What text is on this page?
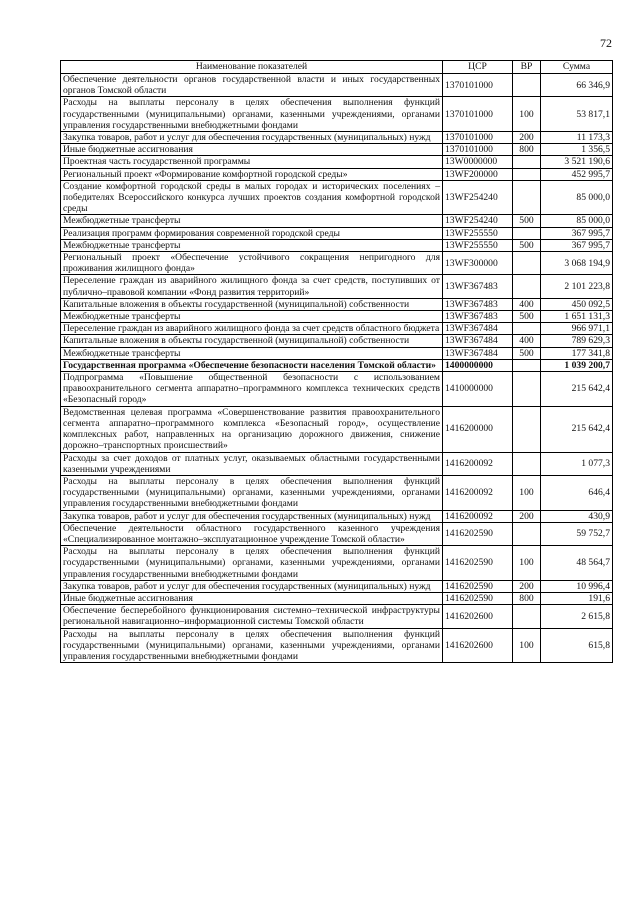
72
Наименование показателей	ЦСР	ВР	Сумма
Обеспечение деятельности органов государственной власти и иных государственных органов Томской области	1370101000		66 346,9
Расходы на выплаты персоналу в целях обеспечения выполнения функций государственными (муниципальными) органами, казенными учреждениями, органами управления государственными внебюджетными фондами	1370101000	100	53 817,1
Закупка товаров, работ и услуг для обеспечения государственных (муниципальных) нужд	1370101000	200	11 173,3
Иные бюджетные ассигнования	1370101000	800	1 356,5
Проектная часть государственной программы	13W0000000		3 521 190,6
Региональный проект «Формирование комфортной городской среды»	13WF200000		452 995,7
Создание комфортной городской среды в малых городах и исторических поселениях – победителях Всероссийского конкурса лучших проектов создания комфортной городской среды	13WF254240		85 000,0
Межбюджетные трансферты	13WF254240	500	85 000,0
Реализация программ формирования современной городской среды	13WF255550		367 995,7
Межбюджетные трансферты	13WF255550	500	367 995,7
Региональный проект «Обеспечение устойчивого сокращения непригодного для проживания жилищного фонда»	13WF300000		3 068 194,9
Переселение граждан из аварийного жилищного фонда за счет средств, поступивших от публично–правовой компании «Фонд развития территорий»	13WF367483		2 101 223,8
Капитальные вложения в объекты государственной (муниципальной) собственности	13WF367483	400	450 092,5
Межбюджетные трансферты	13WF367483	500	1 651 131,3
Переселение граждан из аварийного жилищного фонда за счет средств областного бюджета	13WF367484		966 971,1
Капитальные вложения в объекты государственной (муниципальной) собственности	13WF367484	400	789 629,3
Межбюджетные трансферты	13WF367484	500	177 341,8
Государственная программа «Обеспечение безопасности населения Томской области»	1400000000		1 039 200,7
Подпрограмма «Повышение общественной безопасности с использованием правоохранительного сегмента аппаратно–программного комплекса технических средств «Безопасный город»	1410000000		215 642,4
Ведомственная целевая программа «Совершенствование развития правоохранительного сегмента аппаратно–программного комплекса «Безопасный город», осуществление комплексных работ, направленных на организацию дорожного движения, снижение дорожно–транспортных происшествий»	1416200000		215 642,4
Расходы за счет доходов от платных услуг, оказываемых областными государственными казенными учреждениями	1416200092		1 077,3
Расходы на выплаты персоналу в целях обеспечения выполнения функций государственными (муниципальными) органами, казенными учреждениями, органами управления государственными внебюджетными фондами	1416200092	100	646,4
Закупка товаров, работ и услуг для обеспечения государственных (муниципальных) нужд	1416200092	200	430,9
Обеспечение деятельности областного государственного казенного учреждения «Специализированное монтажно–эксплуатационное учреждение Томской области»	1416202590		59 752,7
Расходы на выплаты персоналу в целях обеспечения выполнения функций государственными (муниципальными) органами, казенными учреждениями, органами управления государственными внебюджетными фондами	1416202590	100	48 564,7
Закупка товаров, работ и услуг для обеспечения государственных (муниципальных) нужд	1416202590	200	10 996,4
Иные бюджетные ассигнования	1416202590	800	191,6
Обеспечение бесперебойного функционирования системно–технической инфраструктуры региональной навигационно–информационной системы Томской области	1416202600		2 615,8
Расходы на выплаты персоналу в целях обеспечения выполнения функций государственными (муниципальными) органами, казенными учреждениями, органами управления государственными внебюджетными фондами	1416202600	100	615,8
